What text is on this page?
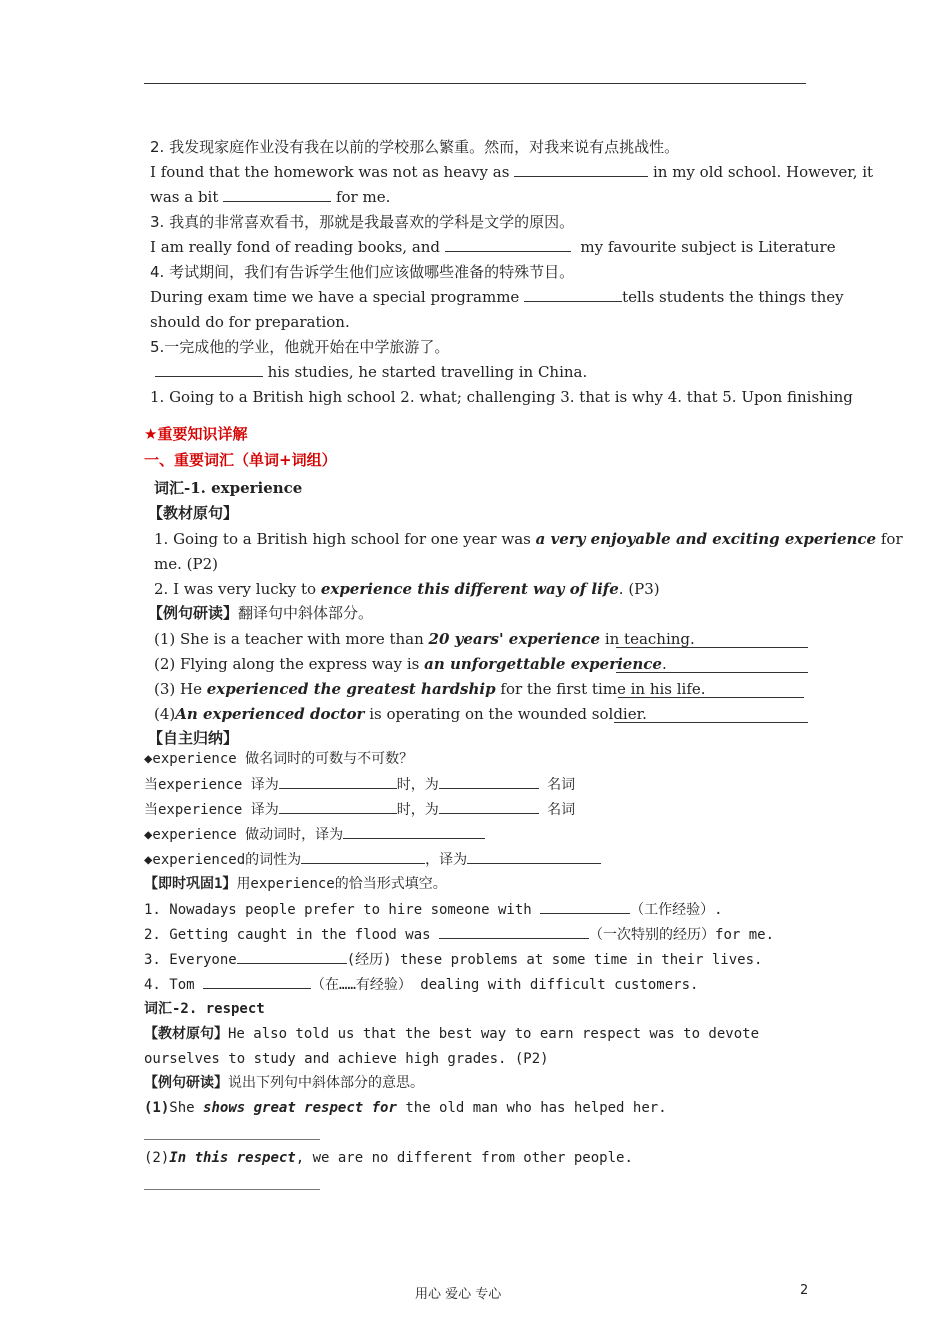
2. 我发现家庭作业没有我在以前的学校那么繁重。然而，对我来说有点挑战性。
I found that the homework was not as heavy as	in my old school. However, it
was a bit	for me.
3. 我真的非常喜欢看书，那就是我最喜欢的学科是文学的原因。
I am really fond of reading books, and	my favourite subject is Literature
4. 考试期间，我们有告诉学生他们应该做哪些准备的特殊节目。
During exam time we have a special programme	tells students the things they
should do for preparation.
5.一完成他的学业，他就开始在中学旅游了。
his studies, he started travelling in China.
1. Going to a British high school 2. what; challenging 3. that is why 4. that 5. Upon finishing
★重要知识详解
一、重要词汇（单词+词组）
词汇-1. experience
【教材原句】
1. Going to a British high school for one year was a very enjoyable and exciting experience for
me. (P2)
2. I was very lucky to experience this different way of life. (P3)
【例句研读】翻译句中斜体部分。
(1) She is a teacher with more than 20 years' experience in teaching.
(2) Flying along the express way is an unforgettable experience.
(3) He experienced the greatest hardship for the first time in his life.
(4)An experienced doctor is operating on the wounded soldier.
【自主归纳】
◆experience 做名词时的可数与不可数？
当experience 译为	时，为	名词
当experience 译为	时，为	名词
◆experience 做动词时，译为
◆experienced的词性为	，译为
【即时巩固1】用experience的恰当形式填空。
1. Nowadays people prefer to hire someone with	（工作经验）.
2. Getting caught in the flood was	（一次特别的经历）for me.
3. Everyone	(经历) these problems at some time in their lives.
4. Tom	（在……有经验） dealing with difficult customers.
词汇-2. respect
【教材原句】He also told us that the best way to earn respect was to devote
ourselves to study and achieve high grades. (P2)
【例句研读】说出下列句中斜体部分的意思。
(1)She shows great respect for the old man who has helped her.
(2)In this respect, we are no different from other people.
用心 爱心 专心	2
